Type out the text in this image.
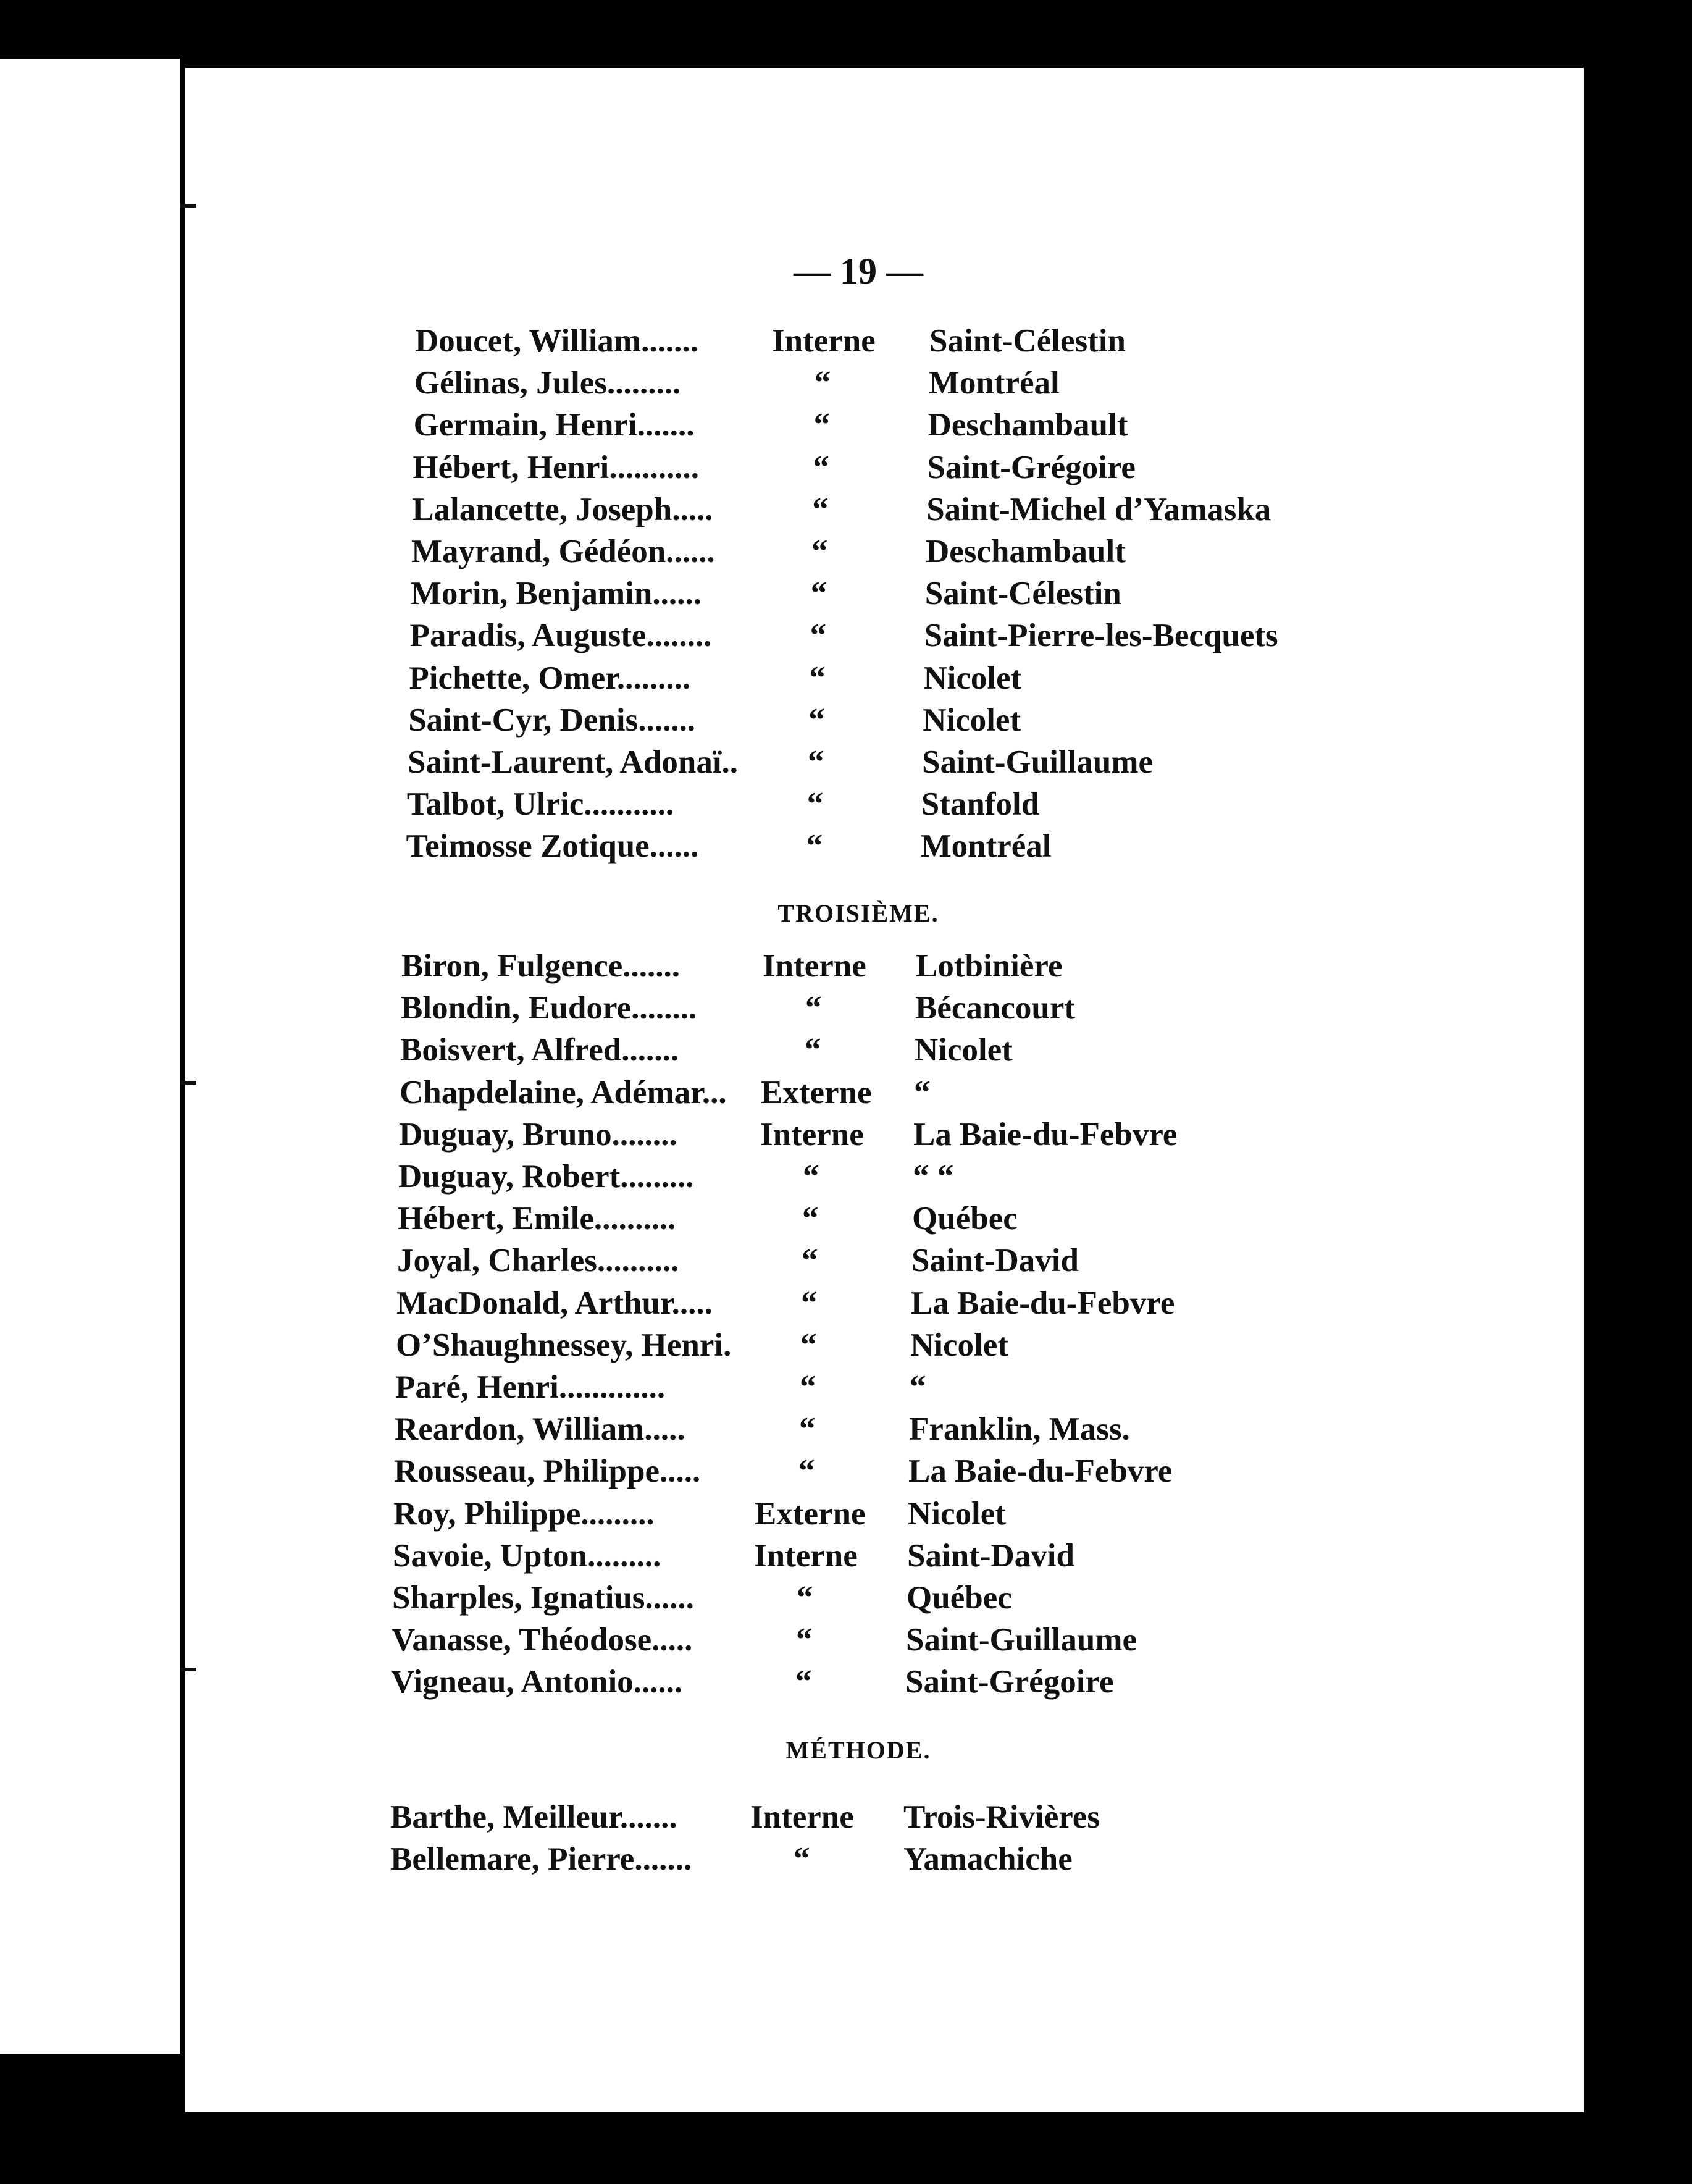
— 19 —
Doucet, William....... Interne Saint-Célestin
Gélinas, Jules.........	“	Montréal
Germain, Henri.......	“	Deschambault
Hébert, Henri...........	“	Saint-Grégoire
Lalancette, Joseph.....	“	Saint-Michel d’Yamaska
Mayrand, Gédéon......	“	Deschambault
Morin, Benjamin......	“	Saint-Célestin
Paradis, Auguste........	“	Saint-Pierre-les-Becquets
Pichette, Omer.........	“	Nicolet
Saint-Cyr, Denis.......	“	Nicolet
Saint-Laurent, Adonaï.. “	Saint-Guillaume
Talbot, Ulric...........	“	Stanfold
Teimosse Zotique......	“	Montréal
TROISIÈME.
Biron, Fulgence.......	Interne Lotbinière
Blondin, Eudore........	“	Bécancourt
Boisvert, Alfred.......	“	Nicolet
Chapdelaine, Adémar... Externe “
Duguay, Bruno........	Interne La Baie-du-Febvre
Duguay, Robert.........	“	“ “
Hébert, Emile..........	“	Québec
Joyal, Charles..........	“	Saint-David
MacDonald, Arthur.....	“	La Baie-du-Febvre
O’Shaughnessey, Henri. “	Nicolet
Paré, Henri.............	“	“
Reardon, William.....	“	Franklin, Mass.
Rousseau, Philippe.....	“	La Baie-du-Febvre
Roy, Philippe.........	Externe Nicolet
Savoie, Upton.........	Interne Saint-David
Sharples, Ignatius......	“	Québec
Vanasse, Théodose.....	“	Saint-Guillaume
Vigneau, Antonio......	“	Saint-Grégoire
MÉTHODE.
Barthe, Meilleur....... Interne Trois-Rivières
Bellemare, Pierre.......	“	Yamachiche
